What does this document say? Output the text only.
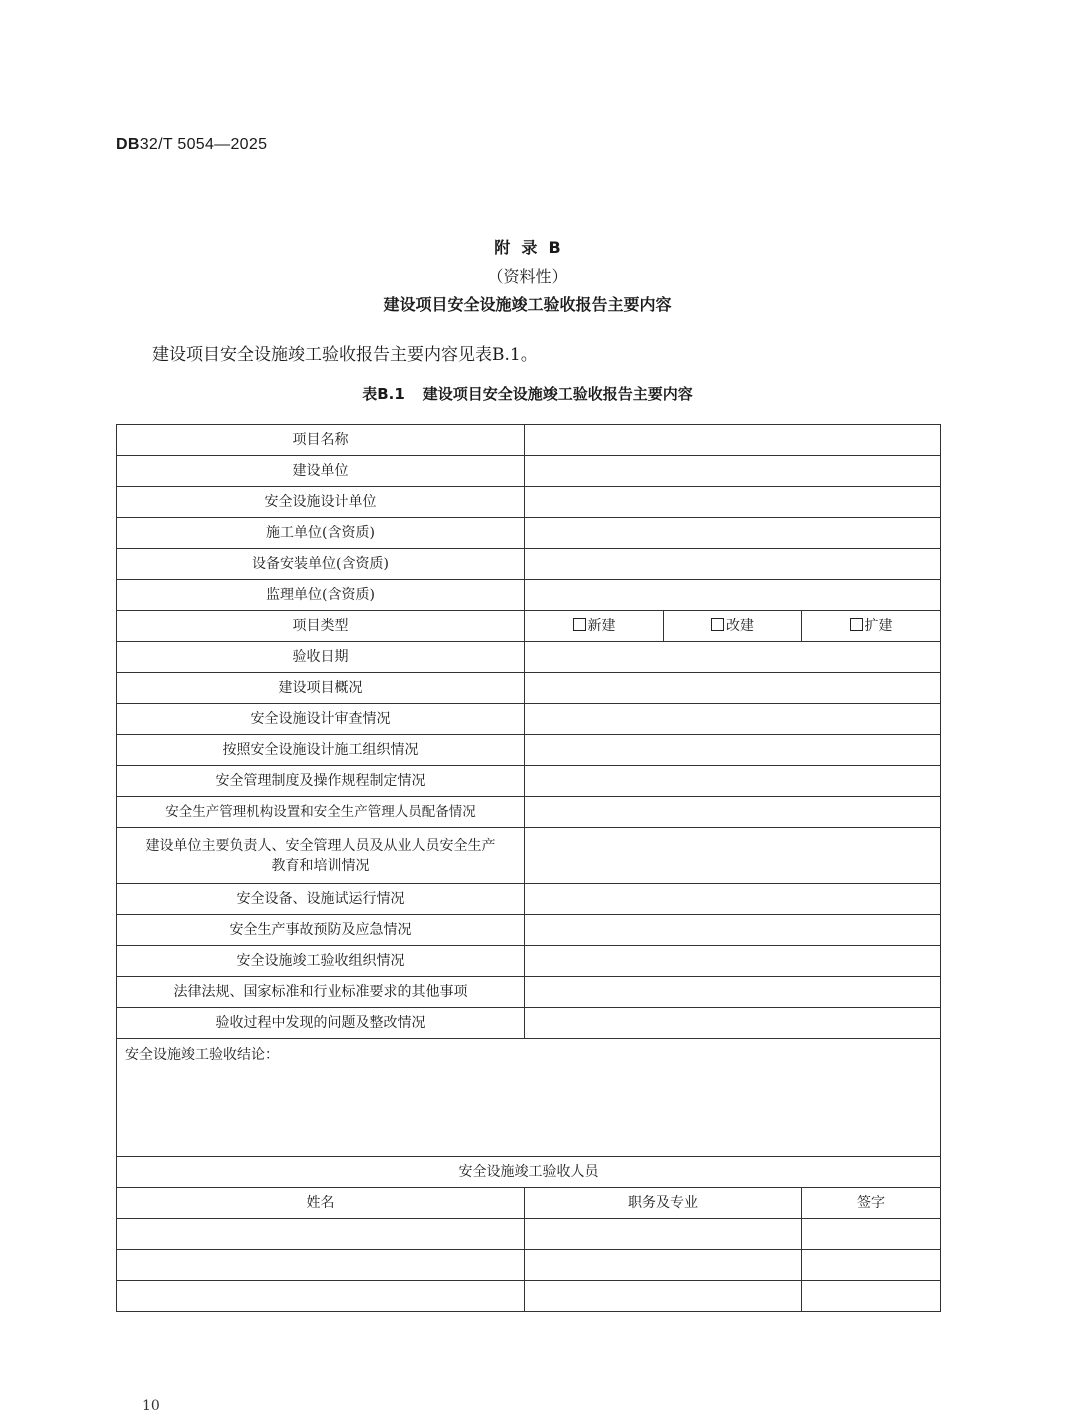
DB32/T 5054—2025
附  录  B
（资料性）
建设项目安全设施竣工验收报告主要内容
建设项目安全设施竣工验收报告主要内容见表B.1。
表B.1 建设项目安全设施竣工验收报告主要内容
项目名称			
建设单位			
安全设施设计单位			
施工单位(含资质)			
设备安装单位(含资质)			
监理单位(含资质)			
项目类型	新建	改建	扩建
验收日期			
建设项目概况			
安全设施设计审查情况			
按照安全设施设计施工组织情况			
安全管理制度及操作规程制定情况			
安全生产管理机构设置和安全生产管理人员配备情况			
建设单位主要负责人、安全管理人员及从业人员安全生产教育和培训情况			
安全设备、设施试运行情况			
安全生产事故预防及应急情况			
安全设施竣工验收组织情况			
法律法规、国家标准和行业标准要求的其他事项			
验收过程中发现的问题及整改情况			
安全设施竣工验收结论：			
安全设施竣工验收人员			
姓名	职务及专业		签字

10
